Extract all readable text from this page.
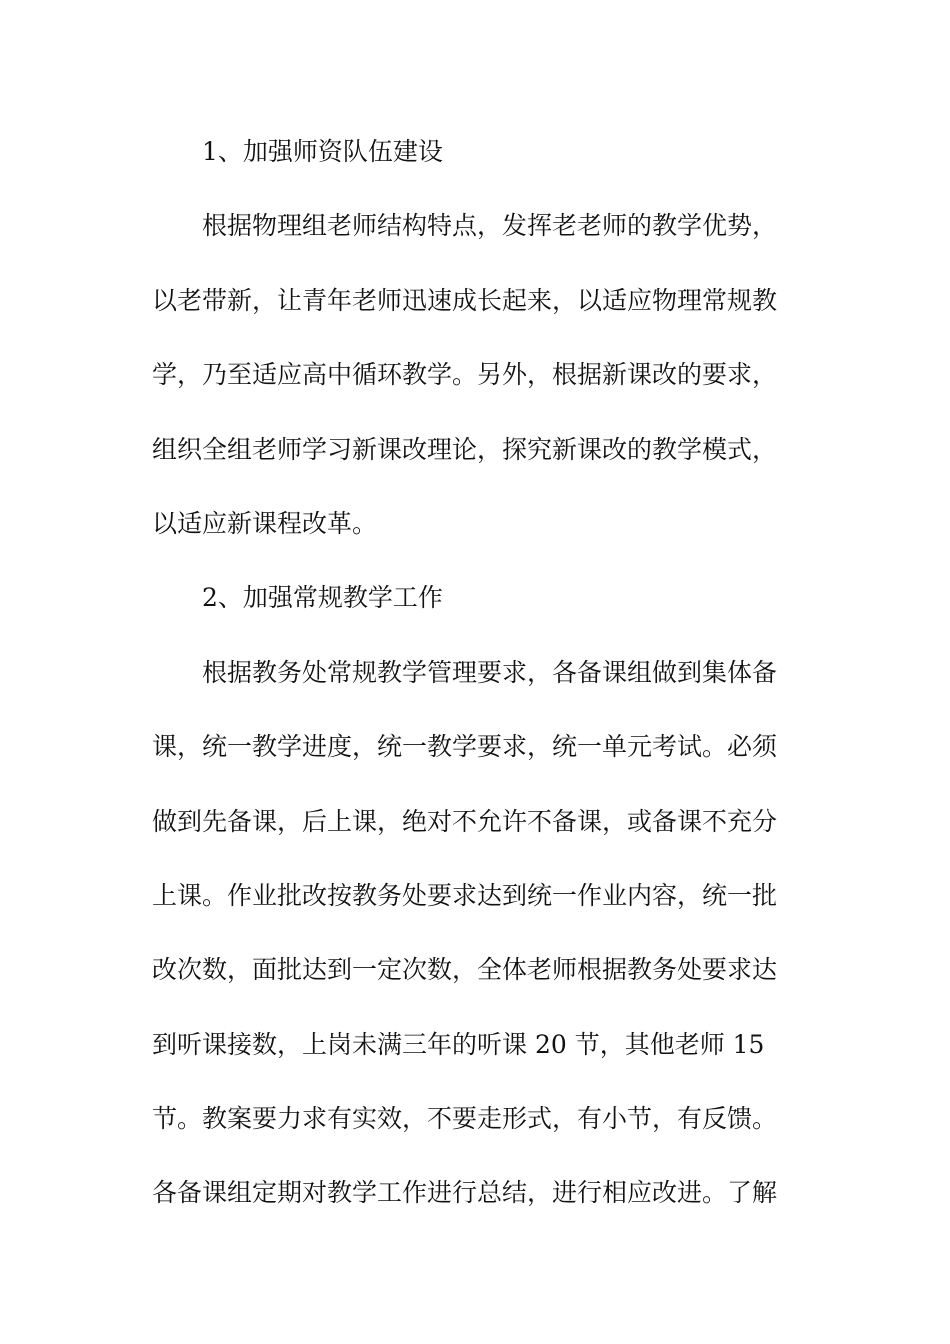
1、加强师资队伍建设
根据物理组老师结构特点，发挥老老师的教学优势，
以老带新，让青年老师迅速成长起来，以适应物理常规教
学，乃至适应高中循环教学。另外，根据新课改的要求，
组织全组老师学习新课改理论，探究新课改的教学模式，
以适应新课程改革。
2、加强常规教学工作
根据教务处常规教学管理要求，各备课组做到集体备
课，统一教学进度，统一教学要求，统一单元考试。必须
做到先备课，后上课，绝对不允许不备课，或备课不充分
上课。作业批改按教务处要求达到统一作业内容，统一批
改次数，面批达到一定次数，全体老师根据教务处要求达
到听课接数，上岗未满三年的听课 20 节，其他老师 15
节。教案要力求有实效，不要走形式，有小节，有反馈。
各备课组定期对教学工作进行总结，进行相应改进。了解
